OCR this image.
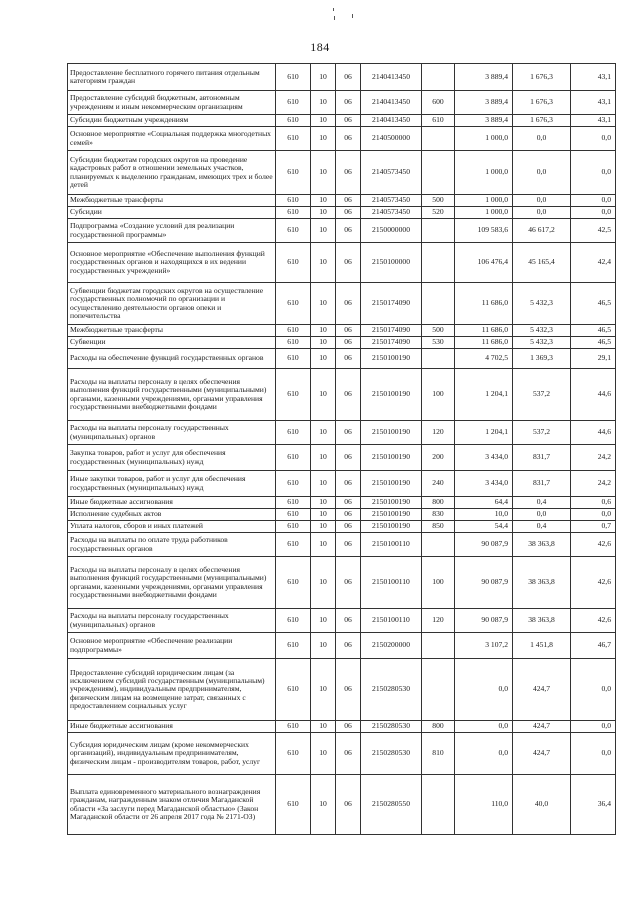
184
Предоставление бесплатного горячего питания отдельным категориям граждан	610	10	06	2140413450		3 889,4	1 676,3	43,1
Предоставление субсидий бюджетным, автономным учреждениям и иным некоммерческим организациям	610	10	06	2140413450	600	3 889,4	1 676,3	43,1
Субсидии бюджетным учреждениям	610	10	06	2140413450	610	3 889,4	1 676,3	43,1
Основное мероприятие «Социальная поддержка многодетных семей»	610	10	06	2140500000		1 000,0	0,0	0,0
Субсидии бюджетам городских округов на проведение кадастровых работ в отношении земельных участков, планируемых к выделению гражданам, имеющих трех и более детей	610	10	06	2140573450		1 000,0	0,0	0,0
Межбюджетные трансферты	610	10	06	2140573450	500	1 000,0	0,0	0,0
Субсидии	610	10	06	2140573450	520	1 000,0	0,0	0,0
Подпрограмма «Создание условий для реализации государственной программы»	610	10	06	2150000000		109 583,6	46 617,2	42,5
Основное мероприятие «Обеспечение выполнения функций государственных органов и находящихся в их ведении государственных учреждений»	610	10	06	2150100000		106 476,4	45 165,4	42,4
Субвенции бюджетам городских округов на осуществление государственных полномочий по организации и осуществлению деятельности органов опеки и попечительства	610	10	06	2150174090		11 686,0	5 432,3	46,5
Межбюджетные трансферты	610	10	06	2150174090	500	11 686,0	5 432,3	46,5
Субвенции	610	10	06	2150174090	530	11 686,0	5 432,3	46,5
Расходы на обеспечение функций государственных органов	610	10	06	2150100190		4 702,5	1 369,3	29,1
Расходы на выплаты персоналу в целях обеспечения выполнения функций государственными (муниципальными) органами, казенными учреждениями, органами управления государственными внебюджетными фондами	610	10	06	2150100190	100	1 204,1	537,2	44,6
Расходы на выплаты персоналу государственных (муниципальных) органов	610	10	06	2150100190	120	1 204,1	537,2	44,6
Закупка товаров, работ и услуг для обеспечения государственных (муниципальных) нужд	610	10	06	2150100190	200	3 434,0	831,7	24,2
Иные закупки товаров, работ и услуг для обеспечения государственных (муниципальных) нужд	610	10	06	2150100190	240	3 434,0	831,7	24,2
Иные бюджетные ассигнования	610	10	06	2150100190	800	64,4	0,4	0,6
Исполнение судебных актов	610	10	06	2150100190	830	10,0	0,0	0,0
Уплата налогов, сборов и иных платежей	610	10	06	2150100190	850	54,4	0,4	0,7
Расходы на выплаты по оплате труда работников государственных органов	610	10	06	2150100110		90 087,9	38 363,8	42,6
Расходы на выплаты персоналу в целях обеспечения выполнения функций государственными (муниципальными) органами, казенными учреждениями, органами управления государственными внебюджетными фондами	610	10	06	2150100110	100	90 087,9	38 363,8	42,6
Расходы на выплаты персоналу государственных (муниципальных) органов	610	10	06	2150100110	120	90 087,9	38 363,8	42,6
Основное мероприятие «Обеспечение реализации подпрограммы»	610	10	06	2150200000		3 107,2	1 451,8	46,7
Предоставление субсидий юридическим лицам (за исключением субсидий государственным (муниципальным) учреждениям), индивидуальным предпринимателям, физическим лицам на возмещение затрат, связанных с предоставлением социальных услуг	610	10	06	2150280530		0,0	424,7	0,0
Иные бюджетные ассигнования	610	10	06	2150280530	800	0,0	424,7	0,0
Субсидия юридическим лицам (кроме некоммерческих организаций), индивидуальным предпринимателям, физическим лицам - производителям товаров, работ, услуг	610	10	06	2150280530	810	0,0	424,7	0,0
Выплата единовременного материального вознаграждения гражданам, награжденным знаком отличия Магаданской области «За заслуги перед Магаданской областью» (Закон Магаданской области от 26 апреля 2017 года № 2171-ОЗ)	610	10	06	2150280550		110,0	40,0	36,4
